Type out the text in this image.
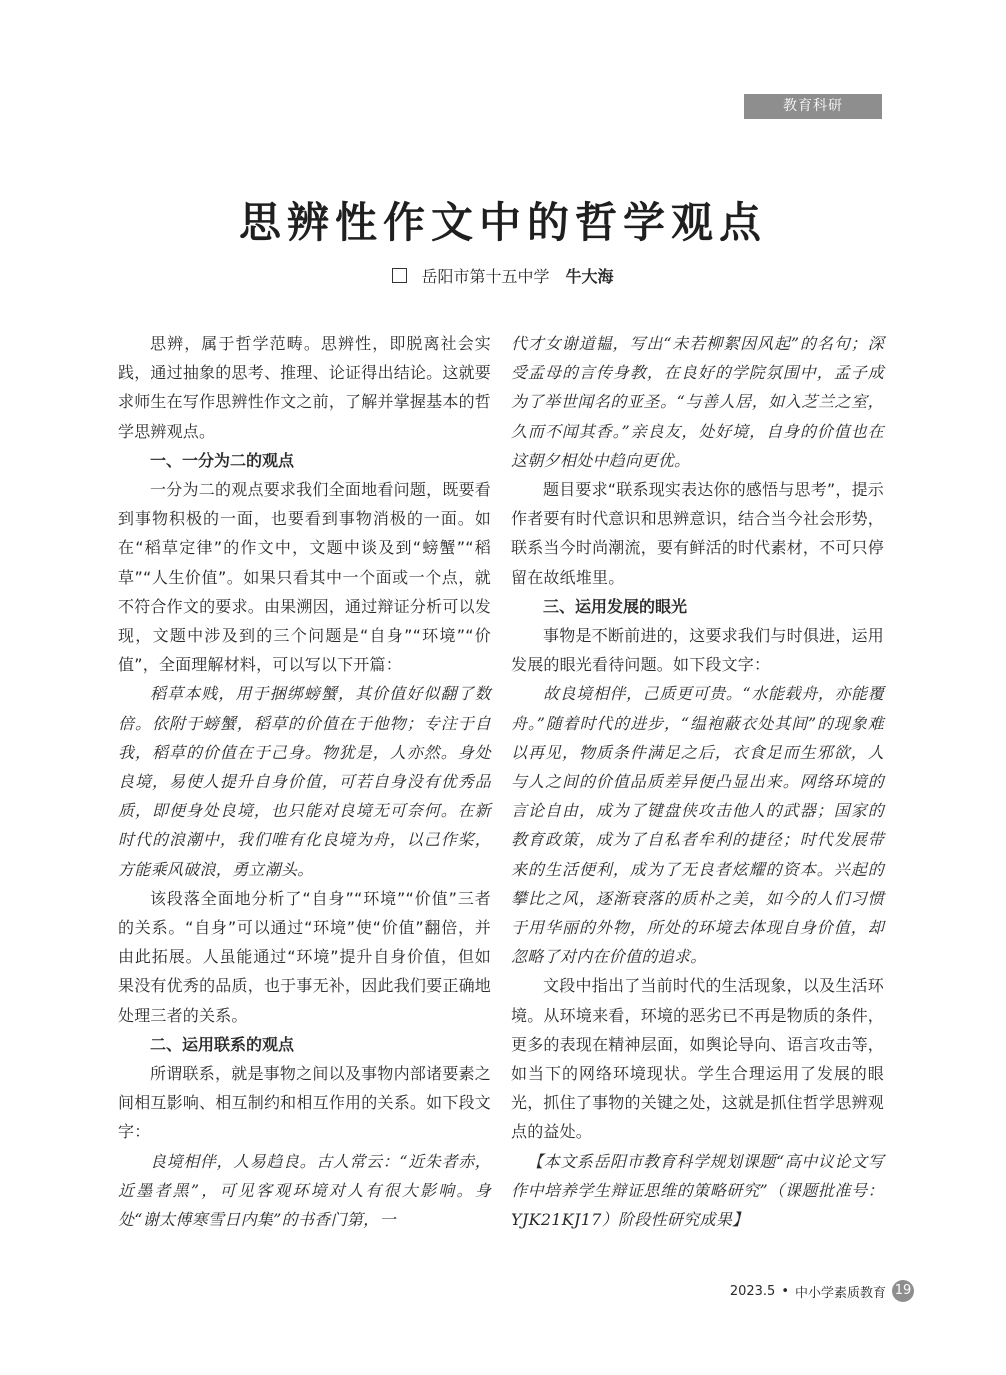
教育科研
思辨性作文中的哲学观点
岳阳市第十五中学 牛大海

思辨，属于哲学范畴。思辨性，即脱离社会实践，通过抽象的思考、推理、论证得出结论。这就要求师生在写作思辨性作文之前，了解并掌握基本的哲学思辨观点。

一、一分为二的观点

一分为二的观点要求我们全面地看问题，既要看到事物积极的一面，也要看到事物消极的一面。如在“稻草定律”的作文中，文题中谈及到“螃蟹”“稻草”“人生价值”。如果只看其中一个面或一个点，就不符合作文的要求。由果溯因，通过辩证分析可以发现，文题中涉及到的三个问题是“自身”“环境”“价值”，全面理解材料，可以写以下开篇：

稻草本贱，用于捆绑螃蟹，其价值好似翻了数倍。依附于螃蟹，稻草的价值在于他物；专注于自我，稻草的价值在于己身。物犹是，人亦然。身处良境，易使人提升自身价值，可若自身没有优秀品质，即便身处良境，也只能对良境无可奈何。在新时代的浪潮中，我们唯有化良境为舟，以己作桨，方能乘风破浪，勇立潮头。

该段落全面地分析了“自身”“环境”“价值”三者的关系。“自身”可以通过“环境”使“价值”翻倍，并由此拓展。人虽能通过“环境”提升自身价值，但如果没有优秀的品质，也于事无补，因此我们要正确地处理三者的关系。

二、运用联系的观点

所谓联系，就是事物之间以及事物内部诸要素之间相互影响、相互制约和相互作用的关系。如下段文字：

良境相伴，人易趋良。古人常云：“近朱者赤，近墨者黑”，可见客观环境对人有很大影响。身处“谢太傅寒雪日内集”的书香门第，一

代才女谢道韫，写出“未若柳絮因风起”的名句；深受孟母的言传身教，在良好的学院氛围中，孟子成为了举世闻名的亚圣。“与善人居，如入芝兰之室，久而不闻其香。”亲良友，处好境，自身的价值也在这朝夕相处中趋向更优。

题目要求“联系现实表达你的感悟与思考”，提示作者要有时代意识和思辨意识，结合当今社会形势，联系当今时尚潮流，要有鲜活的时代素材，不可只停留在故纸堆里。

三、运用发展的眼光

事物是不断前进的，这要求我们与时俱进，运用发展的眼光看待问题。如下段文字：

故良境相伴，己质更可贵。“水能载舟，亦能覆舟。”随着时代的进步，“缊袍蔽衣处其间”的现象难以再见，物质条件满足之后，衣食足而生邪欲，人与人之间的价值品质差异便凸显出来。网络环境的言论自由，成为了键盘侠攻击他人的武器；国家的教育政策，成为了自私者牟利的捷径；时代发展带来的生活便利，成为了无良者炫耀的资本。兴起的攀比之风，逐渐衰落的质朴之美，如今的人们习惯于用华丽的外物，所处的环境去体现自身价值，却忽略了对内在价值的追求。

文段中指出了当前时代的生活现象，以及生活环境。从环境来看，环境的恶劣已不再是物质的条件，更多的表现在精神层面，如舆论导向、语言攻击等，如当下的网络环境现状。学生合理运用了发展的眼光，抓住了事物的关键之处，这就是抓住哲学思辨观点的益处。

【本文系岳阳市教育科学规划课题“高中议论文写作中培养学生辩证思维的策略研究”（课题批准号：YJK21KJ17）阶段性研究成果】

2023.5 • 中小学素质教育 19
